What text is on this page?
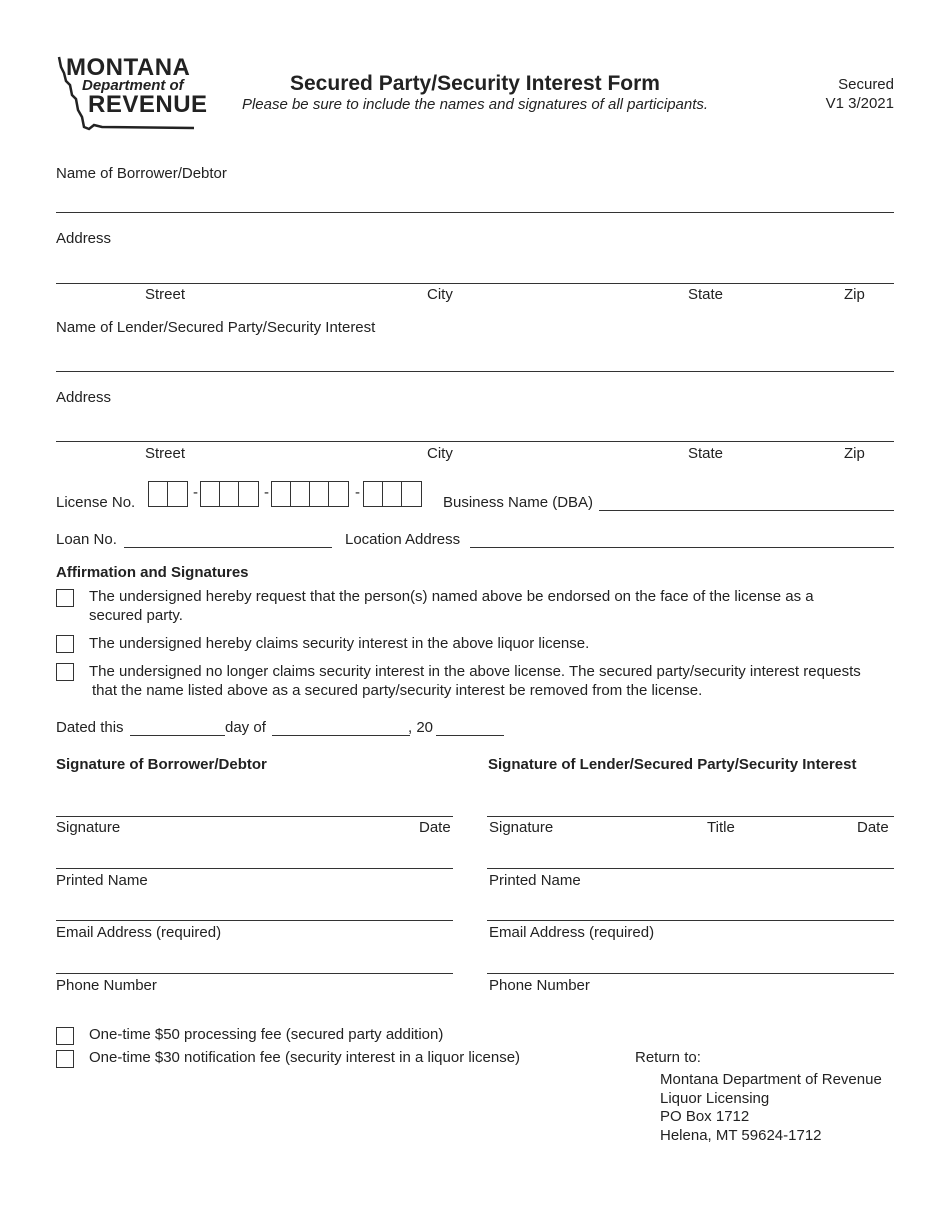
MONTANA
Department of
REVENUE
Secured Party/Security Interest Form
Please be sure to include the names and signatures of all participants.
Secured
V1 3/2021
Name of Borrower/Debtor
Address
Street	City	State	Zip
Name of Lender/Secured Party/Security Interest
Address
Street	City	State	Zip
License No.
-	-	-
Business Name (DBA)
Loan No.	Location Address
Affirmation and Signatures
The undersigned hereby request that the person(s) named above be endorsed on the face of the license as a
secured party.
The undersigned hereby claims security interest in the above liquor license.
The undersigned no longer claims security interest in the above license. The secured party/security interest requests
that the name listed above as a secured party/security interest be removed from the license.
Dated this	day of	, 20
Signature of Borrower/Debtor	Signature of Lender/Secured Party/Security Interest
Signature	Date
Printed Name
Email Address (required)
Phone Number
Signature	Title	Date
Printed Name
Email Address (required)
Phone Number
One-time $50 processing fee (secured party addition)
One-time $30 notification fee (security interest in a liquor license)	Return to:
Montana Department of Revenue
Liquor Licensing
PO Box 1712
Helena, MT 59624-1712
